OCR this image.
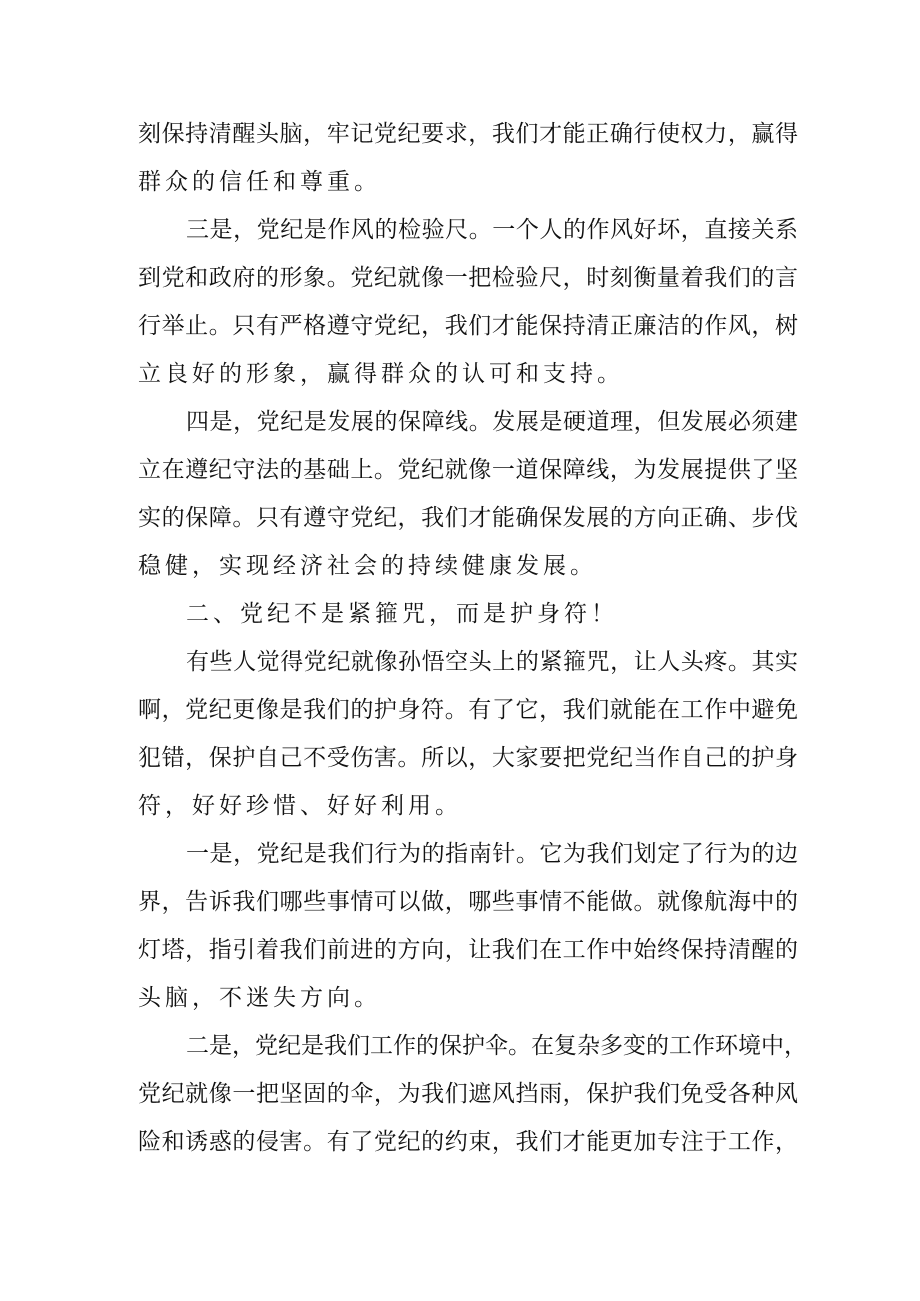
刻保持清醒头脑，牢记党纪要求，我们才能正确行使权力，赢得
群众的信任和尊重。
三是，党纪是作风的检验尺。一个人的作风好坏，直接关系
到党和政府的形象。党纪就像一把检验尺，时刻衡量着我们的言
行举止。只有严格遵守党纪，我们才能保持清正廉洁的作风，树
立良好的形象，赢得群众的认可和支持。
四是，党纪是发展的保障线。发展是硬道理，但发展必须建
立在遵纪守法的基础上。党纪就像一道保障线，为发展提供了坚
实的保障。只有遵守党纪，我们才能确保发展的方向正确、步伐
稳健，实现经济社会的持续健康发展。
二、党纪不是紧箍咒，而是护身符！
有些人觉得党纪就像孙悟空头上的紧箍咒，让人头疼。其实
啊，党纪更像是我们的护身符。有了它，我们就能在工作中避免
犯错，保护自己不受伤害。所以，大家要把党纪当作自己的护身
符，好好珍惜、好好利用。
一是，党纪是我们行为的指南针。它为我们划定了行为的边
界，告诉我们哪些事情可以做，哪些事情不能做。就像航海中的
灯塔，指引着我们前进的方向，让我们在工作中始终保持清醒的
头脑，不迷失方向。
二是，党纪是我们工作的保护伞。在复杂多变的工作环境中，
党纪就像一把坚固的伞，为我们遮风挡雨，保护我们免受各种风
险和诱惑的侵害。有了党纪的约束，我们才能更加专注于工作，
